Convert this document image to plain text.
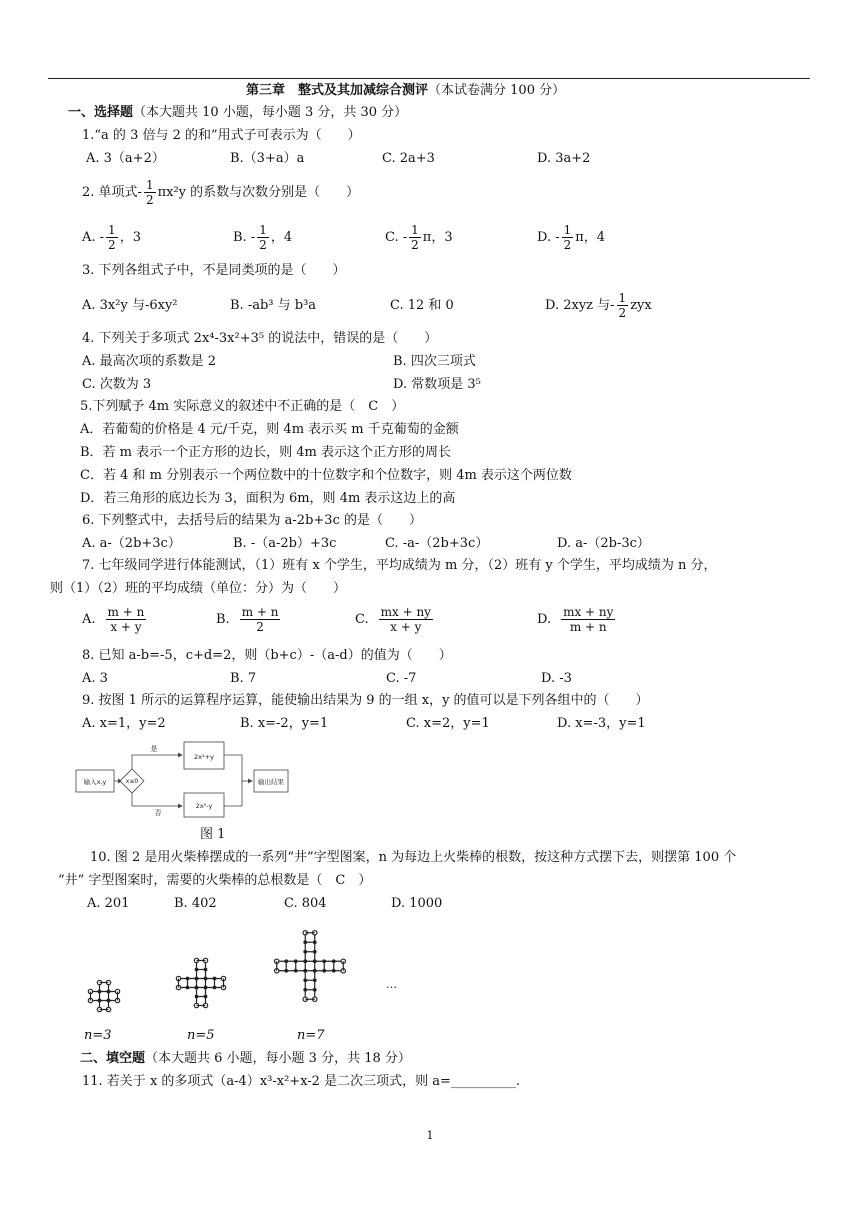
第三章　整式及其加减综合测评（本试卷满分 100 分）
一、选择题（本大题共 10 小题，每小题 3 分，共 30 分）
1.“a 的 3 倍与 2 的和”用式子可表示为（　　）
A. 3（a+2）	B.（3+a）a	C. 2a+3	D. 3a+2
2. 单项式- $\frac{1}{2} \pi x^2y$ 的系数与次数分别是（　　）
A. - $\frac{1}{2}$ ，3	B. - $\frac{1}{2}$ ，4	C. - $\frac{1}{2}$ π，3	D. - $\frac{1}{2}$ π，4
3. 下列各组式子中，不是同类项的是（　　）
A. 3x²y 与-6xy²	B. -ab³ 与 b³a	C. 12 和 0	D. 2xyz 与- $\frac{1}{2}$ zyx
4. 下列关于多项式 2x⁴-3x²+3⁵ 的说法中，错误的是（　　）
A. 最高次项的系数是 2	B. 四次三项式
C. 次数为 3	D. 常数项是 3⁵
5.下列赋予 4m 实际意义的叙述中不正确的是（　C　）
A．若葡萄的价格是 4 元/千克，则 4m 表示买 m 千克葡萄的金额
B．若 m 表示一个正方形的边长，则 4m 表示这个正方形的周长
C．若 4 和 m 分别表示一个两位数中的十位数字和个位数字，则 4m 表示这个两位数
D．若三角形的底边长为 3，面积为 6m，则 4m 表示这边上的高
6. 下列整式中，去括号后的结果为 a-2b+3c 的是（　　）
A. a-（2b+3c）	B. -（a-2b）+3c	C. -a-（2b+3c）	D. a-（2b-3c）
7. 七年级同学进行体能测试，（1）班有 x 个学生，平均成绩为 m 分，（2）班有 y 个学生，平均成绩为 n 分，
则（1）（2）班的平均成绩（单位：分）为（　　）
A. $\frac{m + n}{x + y}$	B. $\frac{m + n}{2}$	C. $\frac{mx + ny}{x + y}$	D. $\frac{mx + ny}{m + n}$
8. 已知 a-b=-5，c+d=2，则（b+c）-（a-d）的值为（　　）
A. 3	B. 7	C. -7	D. -3
9. 按图 1 所示的运算程序运算，能使输出结果为 9 的一组 x，y 的值可以是下列各组中的（　　）
A. x=1，y=2	B. x=-2，y=1	C. x=2，y=1	D. x=-3，y=1
输入x,y	x≤0
是
否
2x²+y
2x²-y
输出结果
图 1
10. 图 2 是用火柴棒摆成的一系列“井”字型图案，n 为每边上火柴棒的根数，按这种方式摆下去，则摆第 100 个
“井” 字型图案时，需要的火柴棒的总根数是（　C　）
A. 201	B. 402	C. 804	D. 1000
…
n=3	n=5	n=7
二、填空题（本大题共 6 小题，每小题 3 分，共 18 分）
11. 若关于 x 的多项式（a-4）x³-x²+x-2 是二次三项式，则 a=__________.
1
